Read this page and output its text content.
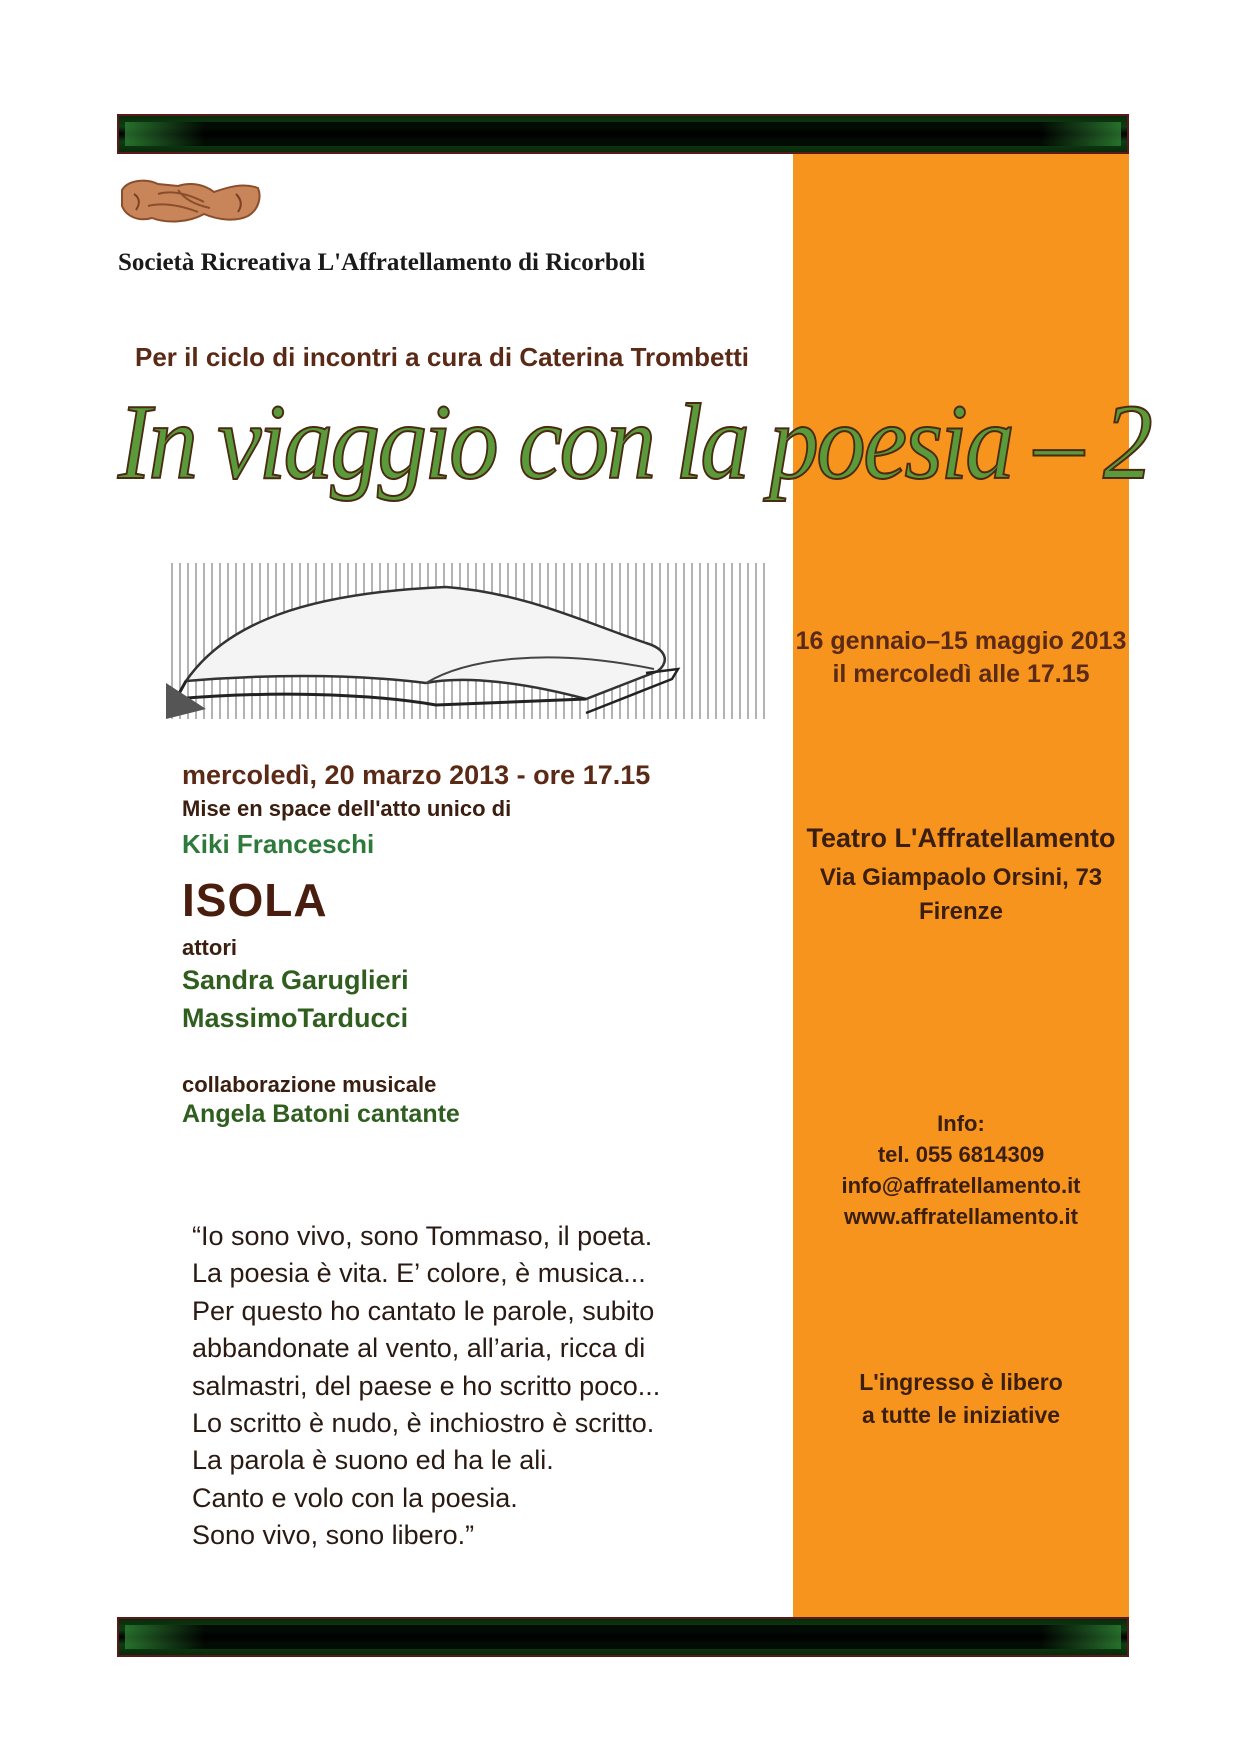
Società Ricreativa L'Affratellamento di Ricorboli
Per il ciclo di incontri a cura di Caterina Trombetti
In viaggio con la poesia – 2
16 gennaio–15 maggio 2013
il mercoledì alle 17.15
mercoledì, 20 marzo 2013 - ore 17.15
Mise en space dell'atto unico di
Kiki Franceschi
ISOLA
attori
Sandra Garuglieri
MassimoTarducci
collaborazione musicale
Angela Batoni cantante
Teatro L'Affratellamento
Via Giampaolo Orsini, 73
Firenze
Info:
tel. 055 6814309
info@affratellamento.it
www.affratellamento.it
L'ingresso è libero
a tutte le iniziative
“Io sono vivo, sono Tommaso, il poeta.
La poesia è vita. E’ colore, è musica...
Per questo ho cantato le parole, subito
abbandonate al vento, all’aria, ricca di
salmastri, del paese e ho scritto poco...
Lo scritto è nudo, è inchiostro è scritto.
La parola è suono ed ha le ali.
Canto e volo con la poesia.
Sono vivo, sono libero.”
